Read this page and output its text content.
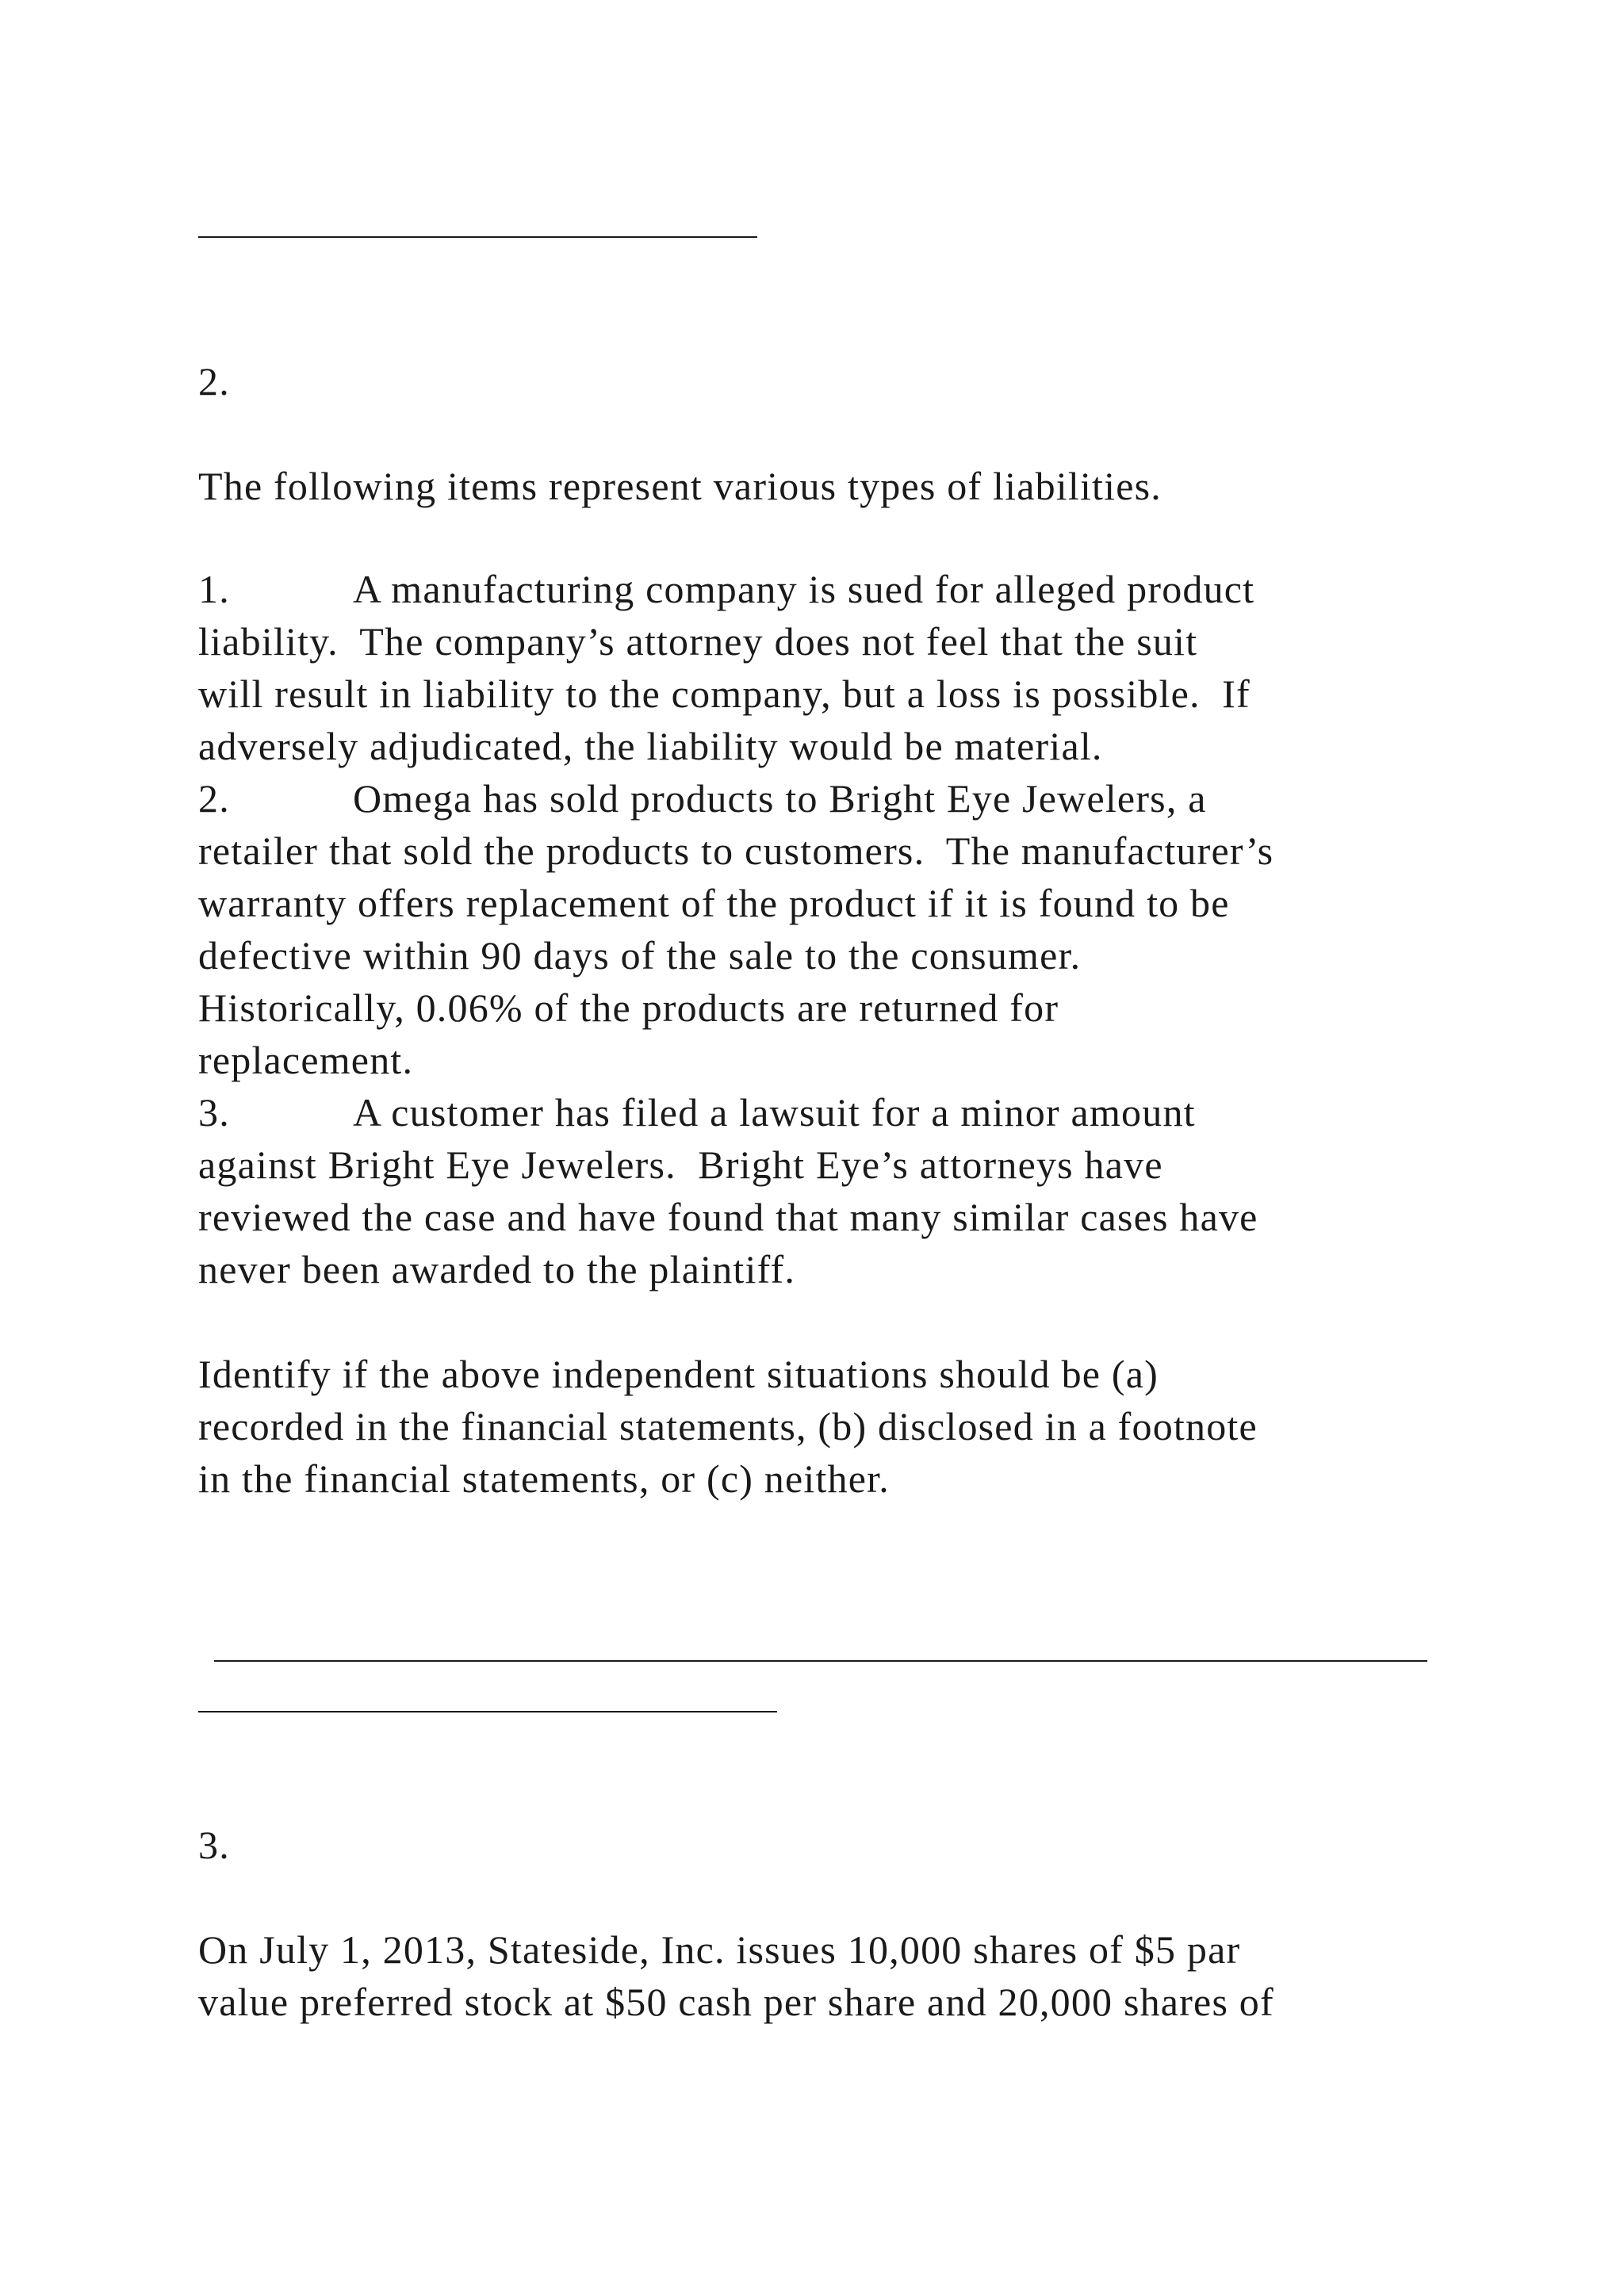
2.
The following items represent various types of liabilities.
1.	A manufacturing company is sued for alleged product
liability.  The company’s attorney does not feel that the suit
will result in liability to the company, but a loss is possible.  If
adversely adjudicated, the liability would be material.
2.	Omega has sold products to Bright Eye Jewelers, a
retailer that sold the products to customers.  The manufacturer’s
warranty offers replacement of the product if it is found to be
defective within 90 days of the sale to the consumer.
Historically, 0.06% of the products are returned for
replacement.
3.	A customer has filed a lawsuit for a minor amount
against Bright Eye Jewelers.  Bright Eye’s attorneys have
reviewed the case and have found that many similar cases have
never been awarded to the plaintiff.
Identify if the above independent situations should be (a)
recorded in the financial statements, (b) disclosed in a footnote
in the financial statements, or (c) neither.
3.
On July 1, 2013, Stateside, Inc. issues 10,000 shares of $5 par
value preferred stock at $50 cash per share and 20,000 shares of
